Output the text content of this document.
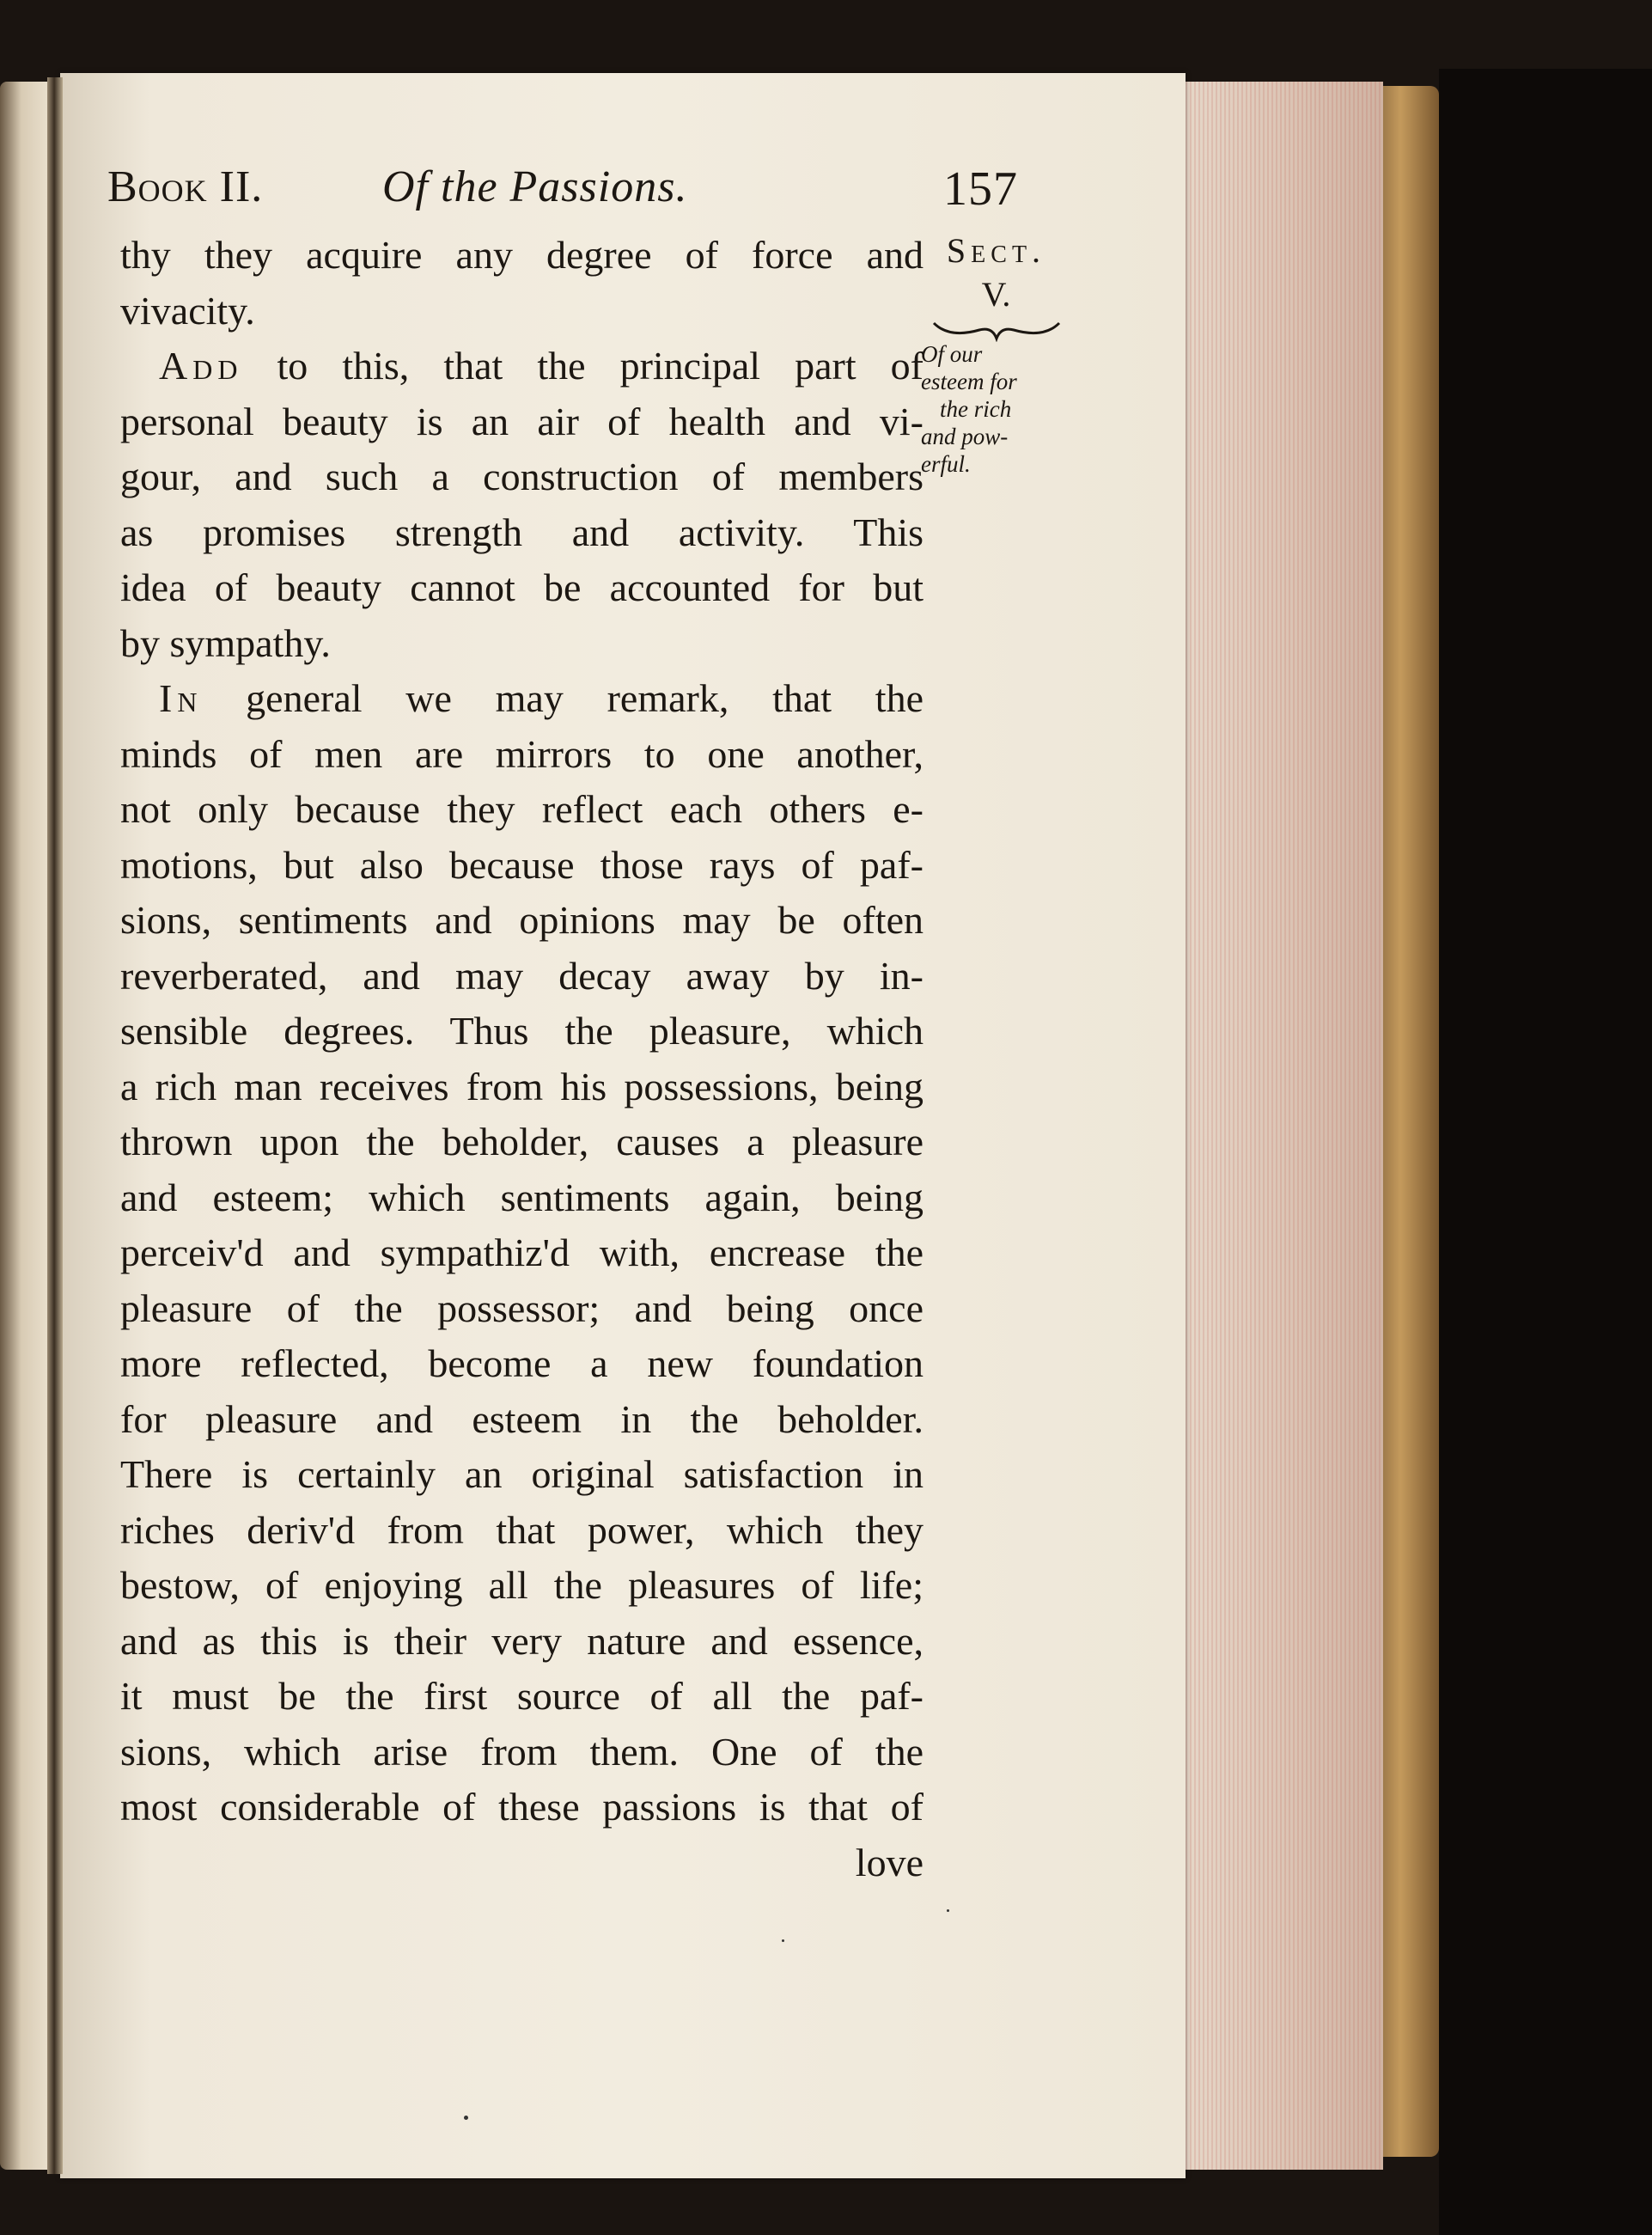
Book II.	Of the Passions.	157
Sect.
V.
Of our
esteem for
the rich
and pow-
erful.
thy they acquire any degree of force and
vivacity.
Add to this, that the principal part of
personal beauty is an air of health and vi-
gour, and such a construction of members
as promises strength and activity. This
idea of beauty cannot be accounted for but
by sympathy.
In general we may remark, that the
minds of men are mirrors to one another,
not only because they reflect each others e-
motions, but also because those rays of paf-
sions, sentiments and opinions may be often
reverberated, and may decay away by in-
sensible degrees. Thus the pleasure, which
a rich man receives from his possessions, being
thrown upon the beholder, causes a pleasure
and esteem; which sentiments again, being
perceiv'd and sympathiz'd with, encrease the
pleasure of the possessor; and being once
more reflected, become a new foundation
for pleasure and esteem in the beholder.
There is certainly an original satisfaction in
riches deriv'd from that power, which they
bestow, of enjoying all the pleasures of life;
and as this is their very nature and essence,
it must be the first source of all the paf-
sions, which arise from them. One of the
most considerable of these passions is that of
love
